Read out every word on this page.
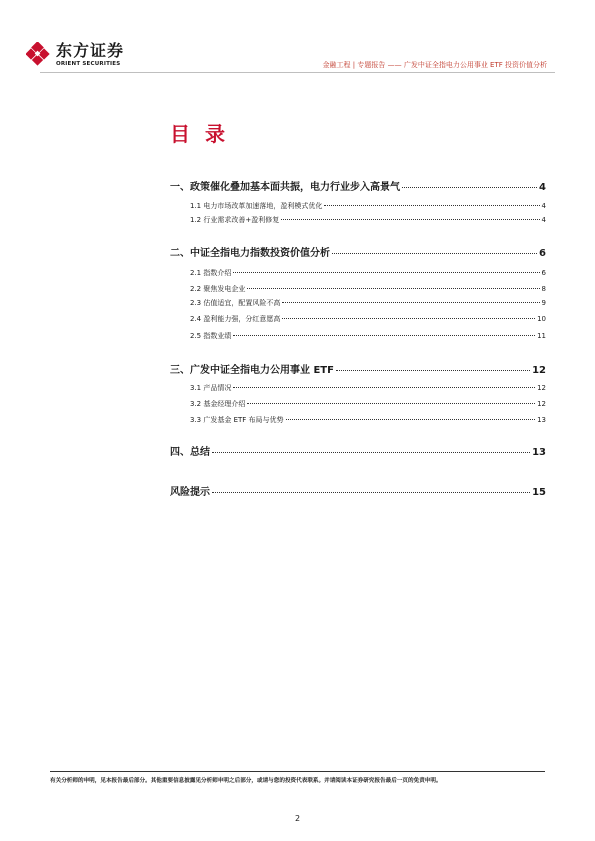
东方证券
ORIENT SECURITIES	金融工程 | 专题报告 —— 广发中证全指电力公用事业 ETF 投资价值分析
目 录
一、政策催化叠加基本面共振，电力行业步入高景气	4
1.1 电力市场改革加速落地，盈利模式优化	4
1.2 行业需求改善+盈利修复	4
二、中证全指电力指数投资价值分析	6
2.1 指数介绍	6
2.2 聚焦发电企业	8
2.3 估值适宜，配置风险不高	9
2.4 盈利能力强，分红意愿高	10
2.5 指数业绩	11
三、广发中证全指电力公用事业 ETF	12
3.1 产品情况	12
3.2 基金经理介绍	12
3.3 广发基金 ETF 布局与优势	13
四、总结	13
风险提示	15
有关分析师的申明，见本报告最后部分。其他重要信息披露见分析师申明之后部分，或请与您的投资代表联系。并请阅读本证券研究报告最后一页的免责申明。
2
